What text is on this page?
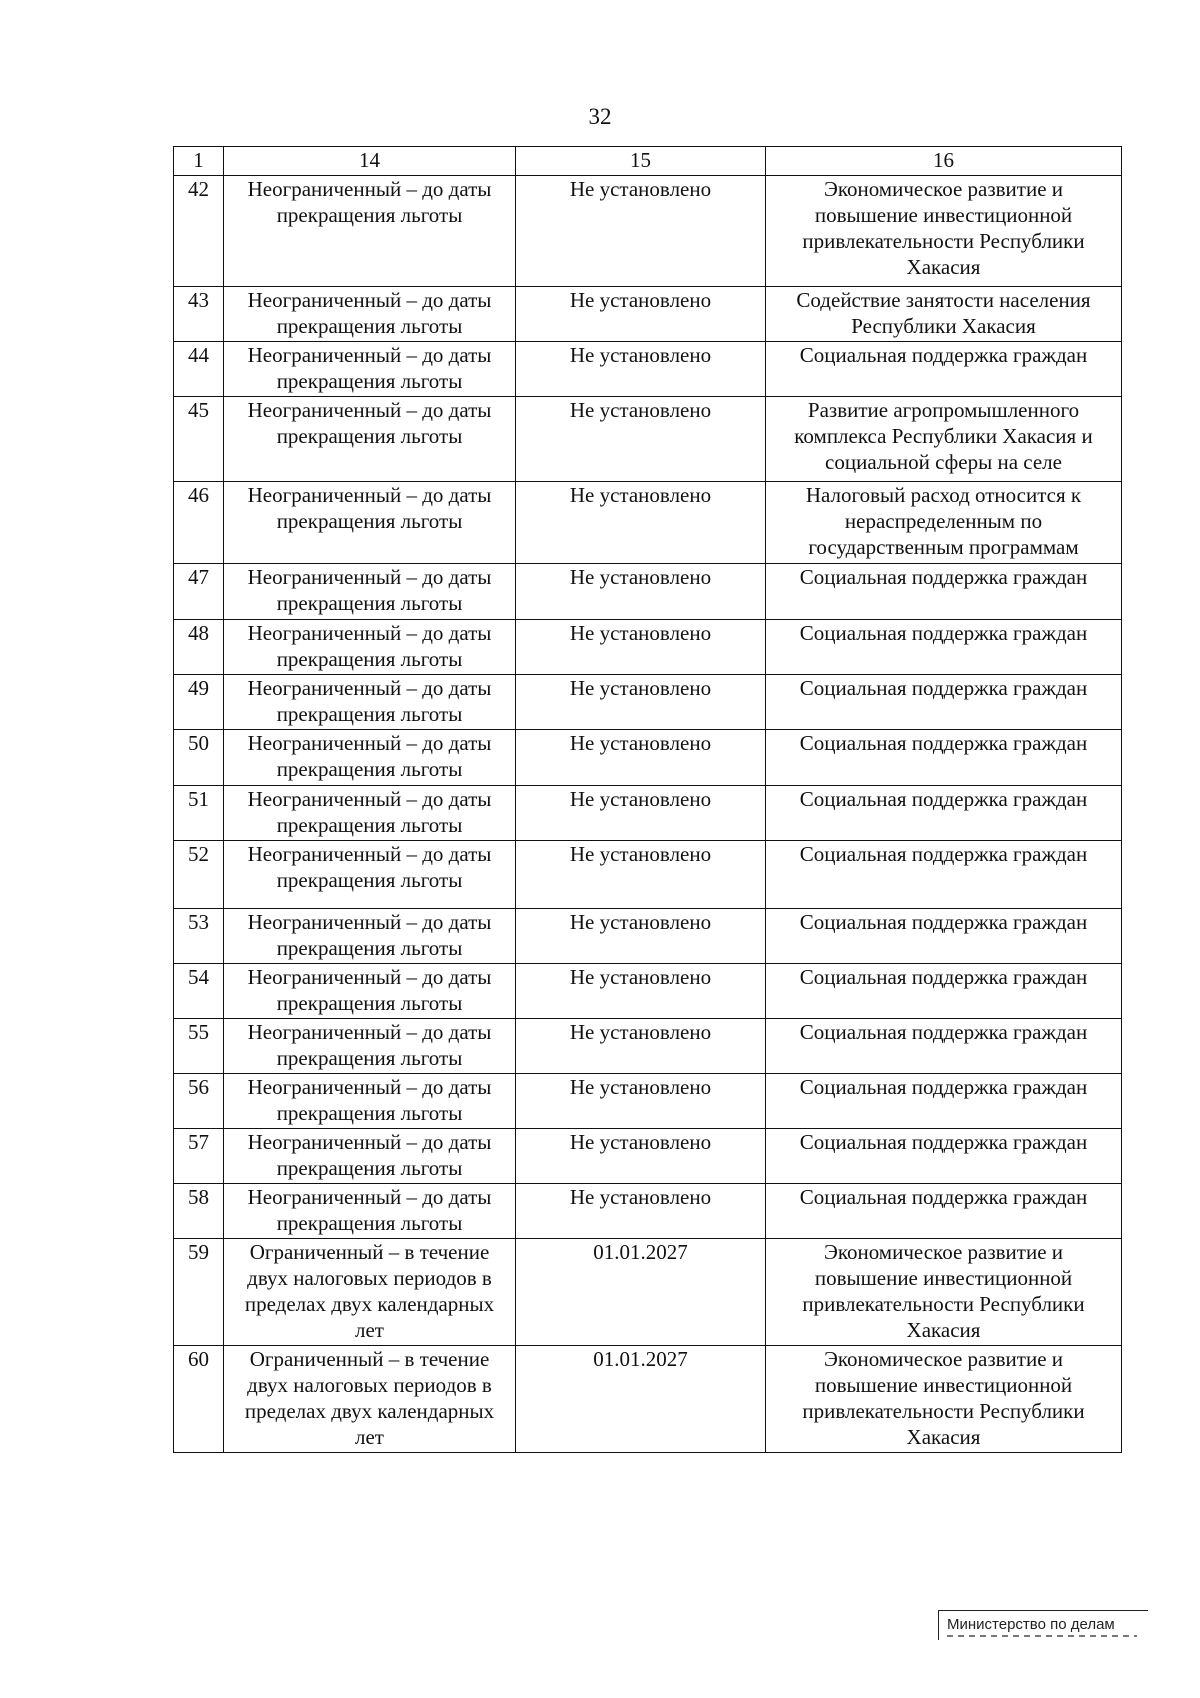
32
1	14	15	16
42	Неограниченный – до даты прекращения льготы	Не установлено	Экономическое развитие и повышение инвестиционной привлекательности Республики Хакасия
43	Неограниченный – до даты прекращения льготы	Не установлено	Содействие занятости населения Республики Хакасия
44	Неограниченный – до даты прекращения льготы	Не установлено	Социальная поддержка граждан
45	Неограниченный – до даты прекращения льготы	Не установлено	Развитие агропромышленного комплекса Республики Хакасия и социальной сферы на селе
46	Неограниченный – до даты прекращения льготы	Не установлено	Налоговый расход относится к нераспределенным по государственным программам
47	Неограниченный – до даты прекращения льготы	Не установлено	Социальная поддержка граждан
48	Неограниченный – до даты прекращения льготы	Не установлено	Социальная поддержка граждан
49	Неограниченный – до даты прекращения льготы	Не установлено	Социальная поддержка граждан
50	Неограниченный – до даты прекращения льготы	Не установлено	Социальная поддержка граждан
51	Неограниченный – до даты прекращения льготы	Не установлено	Социальная поддержка граждан
52	Неограниченный – до даты прекращения льготы	Не установлено	Социальная поддержка граждан
53	Неограниченный – до даты прекращения льготы	Не установлено	Социальная поддержка граждан
54	Неограниченный – до даты прекращения льготы	Не установлено	Социальная поддержка граждан
55	Неограниченный – до даты прекращения льготы	Не установлено	Социальная поддержка граждан
56	Неограниченный – до даты прекращения льготы	Не установлено	Социальная поддержка граждан
57	Неограниченный – до даты прекращения льготы	Не установлено	Социальная поддержка граждан
58	Неограниченный – до даты прекращения льготы	Не установлено	Социальная поддержка граждан
59	Ограниченный – в течение двух налоговых периодов в пределах двух календарных лет	01.01.2027	Экономическое развитие и повышение инвестиционной привлекательности Республики Хакасия
60	Ограниченный – в течение двух налоговых периодов в пределах двух календарных лет	01.01.2027	Экономическое развитие и повышение инвестиционной привлекательности Республики Хакасия
Министерство по делам
